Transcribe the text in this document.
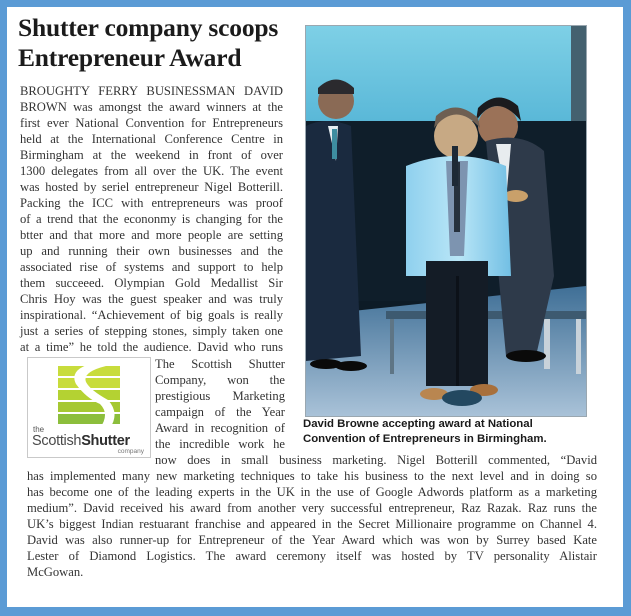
Shutter company scoops
Entrepreneur Award
BROUGHTY FERRY BUSINESSMAN DAVID
BROWN was amongst the award winners at the
first ever National Convention for Entrepreneurs
held at the International Conference Centre in
Birmingham at the weekend in front of over
1300 delegates from all over the UK. The event
was hosted by seriel entrepreneur Nigel Botterill.
Packing the ICC with entrepreneurs was proof
of a trend that the econonmy is changing for the
btter and that more and more people are setting
up and running their own businesses and the
associated rise of systems and support to help
them succeeed. Olympian Gold Medallist Sir
Chris Hoy was the guest speaker and was truly
inspirational. “Achievement of big goals is really
just a series of stepping stones, simply taken one
at a time” he told the audience. David who runs
David Browne accepting award at National
Convention of Entrepreneurs in Birmingham.
the
ScottishShutter
company
The Scottish Shutter
Company, won the
prestigious Marketing
campaign of the Year
Award in recognition of
the incredible work he
now does in small business marketing. Nigel Botterill commented, “David
has implemented many new marketing techniques to take his business to the next level and in doing so
has become one of the leading experts in the UK in the use of Google Adwords platform as a marketing
medium”. David received his award from another very successful entrepreneur, Raz Razak. Raz runs the
UK’s biggest Indian restuarant franchise and appeared in the Secret Millionaire programme on Channel 4.
David was also runner-up for Entrepreneur of the Year Award which was won by Surrey based Kate
Lester of Diamond Logistics. The award ceremony itself was hosted by TV personality Alistair
McGowan.
